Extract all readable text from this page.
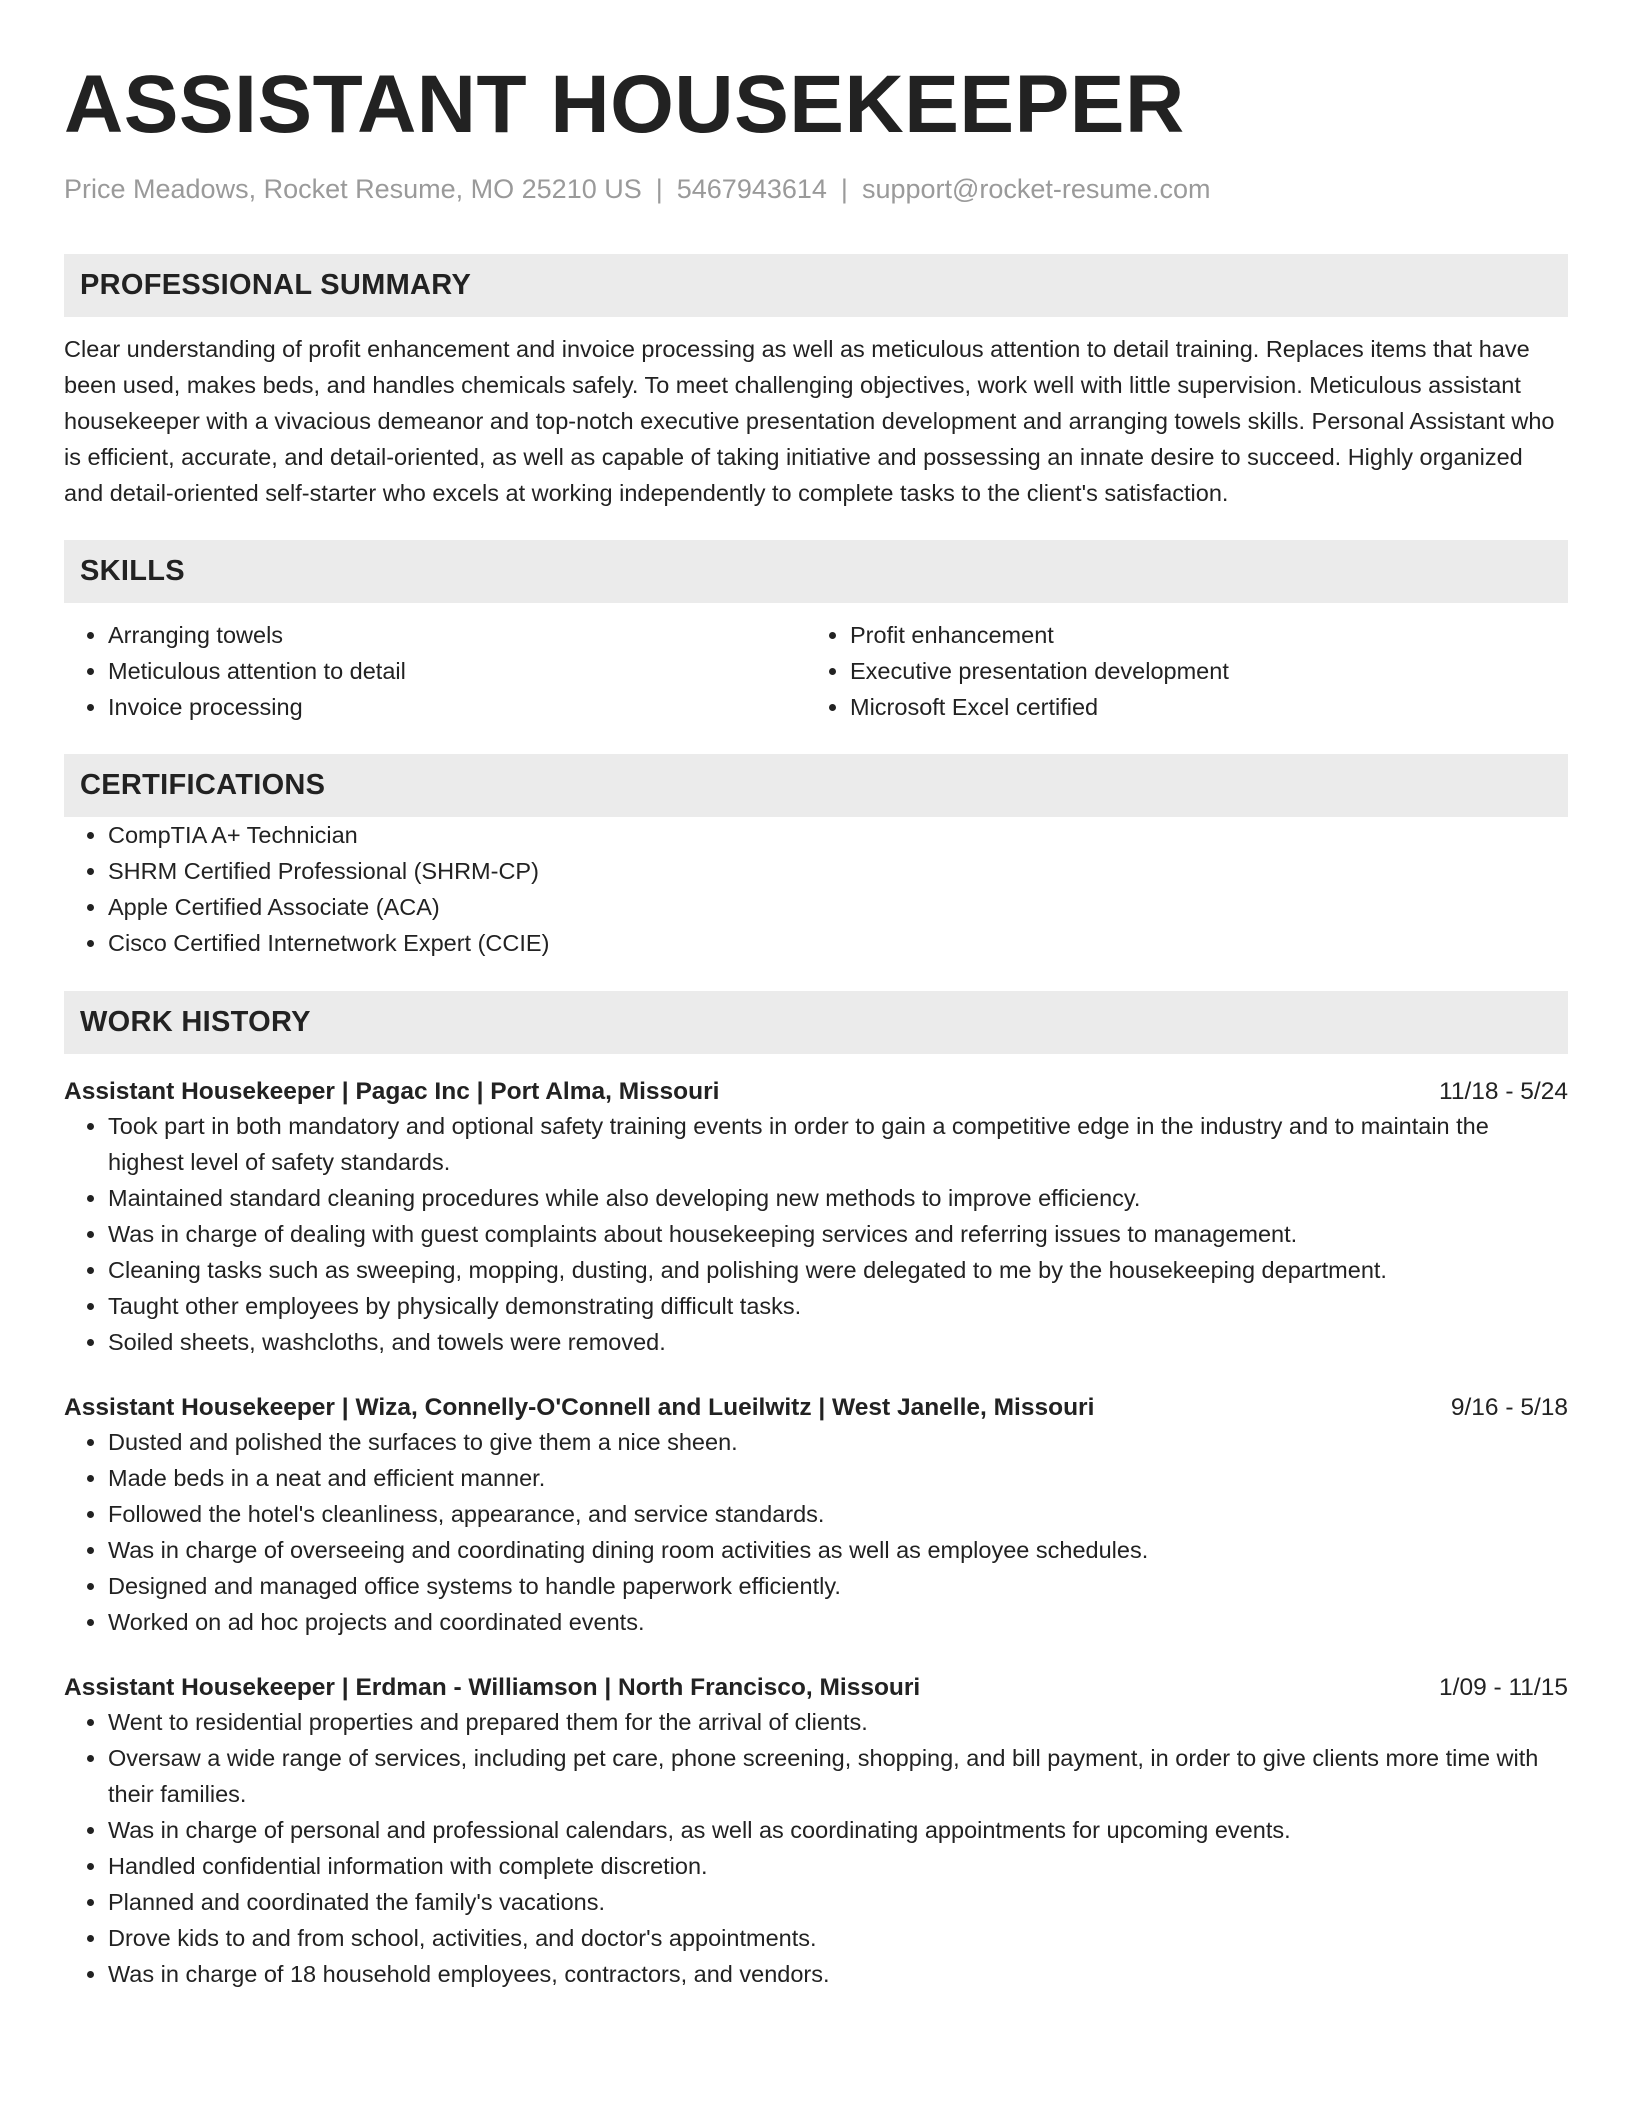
ASSISTANT HOUSEKEEPER
Price Meadows, Rocket Resume, MO 25210 US | 5467943614 | support@rocket-resume.com
PROFESSIONAL SUMMARY
Clear understanding of profit enhancement and invoice processing as well as meticulous attention to detail training. Replaces items that have been used, makes beds, and handles chemicals safely. To meet challenging objectives, work well with little supervision. Meticulous assistant housekeeper with a vivacious demeanor and top-notch executive presentation development and arranging towels skills. Personal Assistant who is efficient, accurate, and detail-oriented, as well as capable of taking initiative and possessing an innate desire to succeed. Highly organized and detail-oriented self-starter who excels at working independently to complete tasks to the client's satisfaction.
SKILLS
• Arranging towels
• Meticulous attention to detail
• Invoice processing
• Profit enhancement
• Executive presentation development
• Microsoft Excel certified
CERTIFICATIONS
• CompTIA A+ Technician
• SHRM Certified Professional (SHRM-CP)
• Apple Certified Associate (ACA)
• Cisco Certified Internetwork Expert (CCIE)
WORK HISTORY
Assistant Housekeeper | Pagac Inc | Port Alma, Missouri	11/18 - 5/24
• Took part in both mandatory and optional safety training events in order to gain a competitive edge in the industry and to maintain the highest level of safety standards.
• Maintained standard cleaning procedures while also developing new methods to improve efficiency.
• Was in charge of dealing with guest complaints about housekeeping services and referring issues to management.
• Cleaning tasks such as sweeping, mopping, dusting, and polishing were delegated to me by the housekeeping department.
• Taught other employees by physically demonstrating difficult tasks.
• Soiled sheets, washcloths, and towels were removed.
Assistant Housekeeper | Wiza, Connelly-O'Connell and Lueilwitz | West Janelle, Missouri	9/16 - 5/18
• Dusted and polished the surfaces to give them a nice sheen.
• Made beds in a neat and efficient manner.
• Followed the hotel's cleanliness, appearance, and service standards.
• Was in charge of overseeing and coordinating dining room activities as well as employee schedules.
• Designed and managed office systems to handle paperwork efficiently.
• Worked on ad hoc projects and coordinated events.
Assistant Housekeeper | Erdman - Williamson | North Francisco, Missouri	1/09 - 11/15
• Went to residential properties and prepared them for the arrival of clients.
• Oversaw a wide range of services, including pet care, phone screening, shopping, and bill payment, in order to give clients more time with their families.
• Was in charge of personal and professional calendars, as well as coordinating appointments for upcoming events.
• Handled confidential information with complete discretion.
• Planned and coordinated the family's vacations.
• Drove kids to and from school, activities, and doctor's appointments.
• Was in charge of 18 household employees, contractors, and vendors.
